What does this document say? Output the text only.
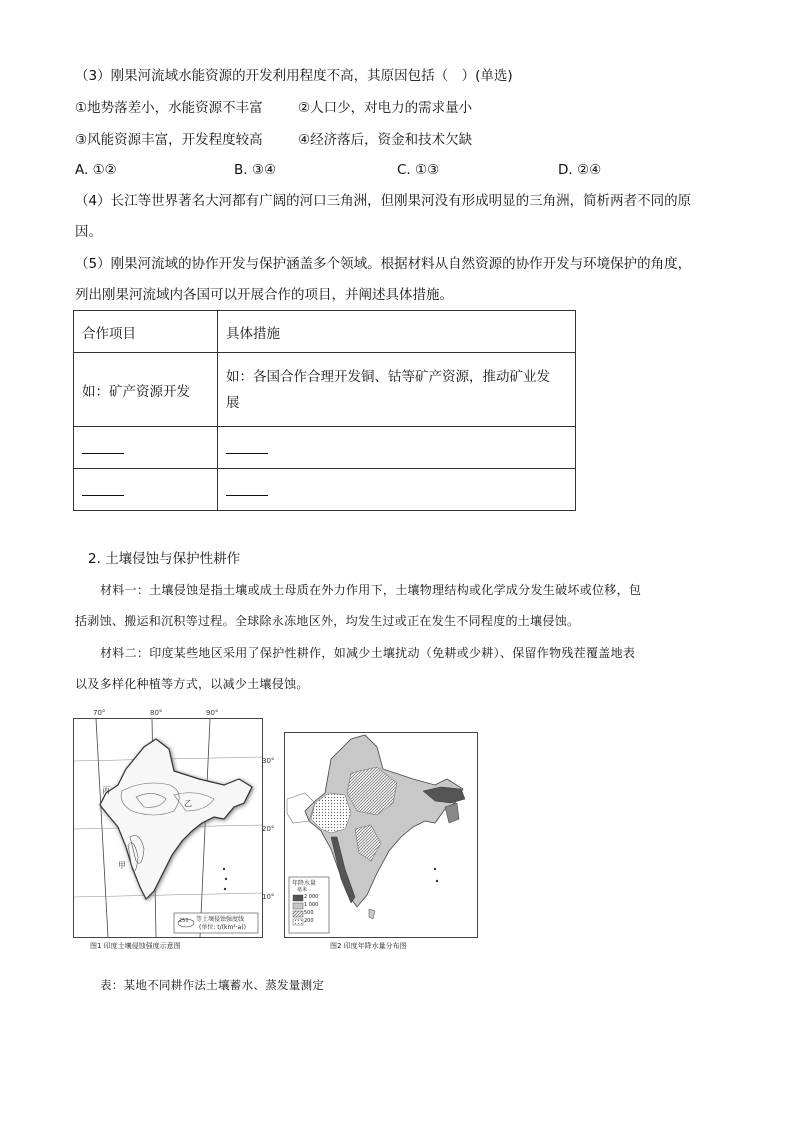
（3）刚果河流域水能资源的开发利用程度不高，其原因包括（　）(单选)
①地势落差小，水能资源不丰富	②人口少，对电力的需求量小
③风能资源丰富，开发程度较高	④经济落后，资金和技术欠缺
A. ①②	B. ③④	C. ①③	D. ②④
（4）长江等世界著名大河都有广阔的河口三角洲，但刚果河没有形成明显的三角洲，简析两者不同的原
因。
（5）刚果河流域的协作开发与保护涵盖多个领域。根据材料从自然资源的协作开发与环境保护的角度，
列出刚果河流域内各国可以开展合作的项目，并阐述具体措施。
合作项目	具体措施
如：矿产资源开发	如：各国合作合理开发铜、钴等矿产资源，推动矿业发
展

2. 土壤侵蚀与保护性耕作
材料一：土壤侵蚀是指土壤或成土母质在外力作用下，土壤物理结构或化学成分发生破坏或位移，包
括剥蚀、搬运和沉积等过程。全球除永冻地区外，均发生过或正在发生不同程度的土壤侵蚀。
材料二：印度某些地区采用了保护性耕作，如减少土壤扰动（免耕或少耕）、保留作物残茬覆盖地表
以及多样化种植等方式，以减少土壤侵蚀。
70°	80°	90°
30°
20°
10°
丙
乙
甲
250 等土壤侵蚀强度线
(单位: t/(km²·a))
图1 印度土壤侵蚀强度示意图
年降水量
毫米
2 000
1 000
500
200
图2 印度年降水量分布图
表：某地不同耕作法土壤蓄水、蒸发量测定
